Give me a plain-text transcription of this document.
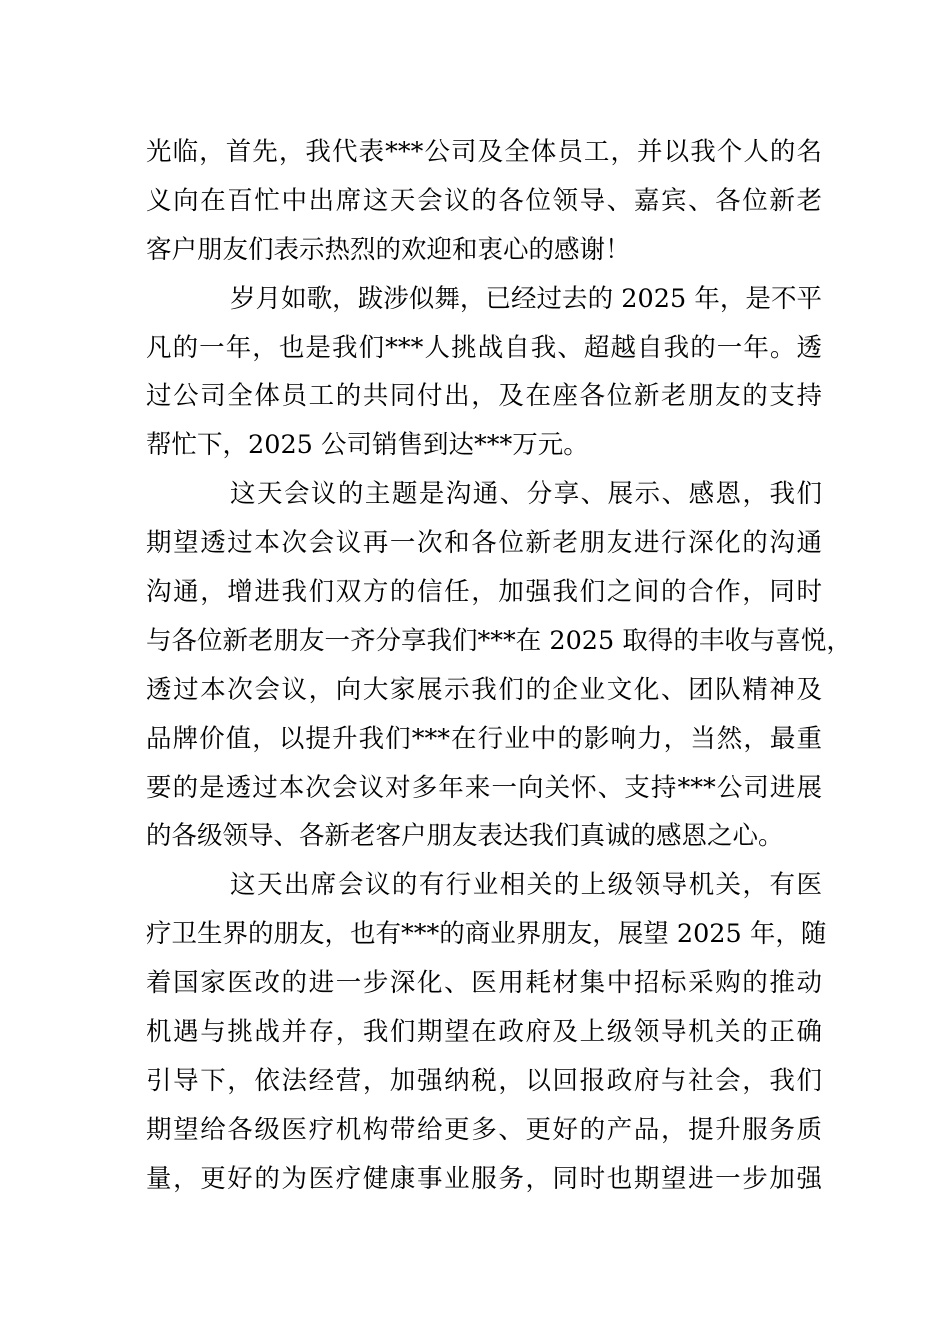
光临，首先，我代表***公司及全体员工，并以我个人的名
义向在百忙中出席这天会议的各位领导、嘉宾、各位新老
客户朋友们表示热烈的欢迎和衷心的感谢！
岁月如歌，跋涉似舞，已经过去的 2025 年，是不平
凡的一年，也是我们***人挑战自我、超越自我的一年。透
过公司全体员工的共同付出，及在座各位新老朋友的支持
帮忙下，2025 公司销售到达***万元。
这天会议的主题是沟通、分享、展示、感恩，我们
期望透过本次会议再一次和各位新老朋友进行深化的沟通
沟通，增进我们双方的信任，加强我们之间的合作，同时
与各位新老朋友一齐分享我们***在 2025 取得的丰收与喜悦，
透过本次会议，向大家展示我们的企业文化、团队精神及
品牌价值，以提升我们***在行业中的影响力，当然，最重
要的是透过本次会议对多年来一向关怀、支持***公司进展
的各级领导、各新老客户朋友表达我们真诚的感恩之心。
这天出席会议的有行业相关的上级领导机关，有医
疗卫生界的朋友，也有***的商业界朋友，展望 2025 年，随
着国家医改的进一步深化、医用耗材集中招标采购的推动
机遇与挑战并存，我们期望在政府及上级领导机关的正确
引导下，依法经营，加强纳税，以回报政府与社会，我们
期望给各级医疗机构带给更多、更好的产品，提升服务质
量，更好的为医疗健康事业服务，同时也期望进一步加强
